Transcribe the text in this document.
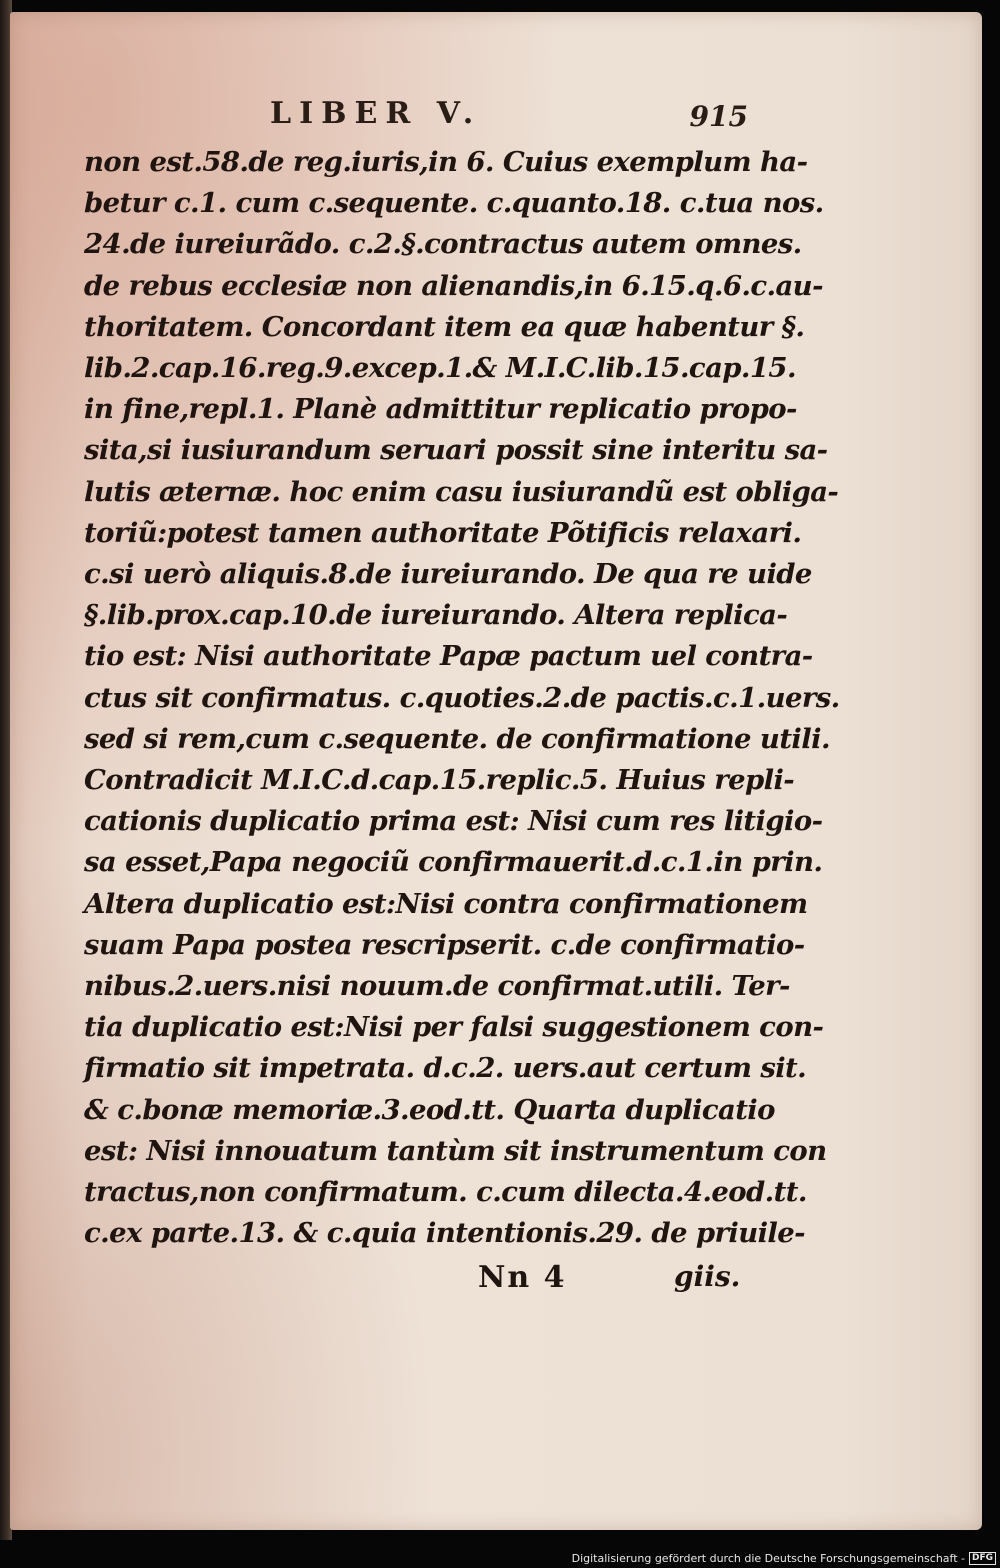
LIBER V.	915
non est.58.de reg.iuris,in 6. Cuius exemplum ha-
betur c.1. cum c.sequente. c.quanto.18. c.tua nos.
24.de iureiurãdo. c.2.§.contractus autem omnes.
de rebus ecclesiæ non alienandis,in 6.15.q.6.c.au-
thoritatem. Concordant item ea quæ habentur §.
lib.2.cap.16.reg.9.excep.1.& M.I.C.lib.15.cap.15.
in fine,repl.1. Planè admittitur replicatio propo-
sita,si iusiurandum seruari possit sine interitu sa-
lutis æternæ. hoc enim casu iusiurandũ est obliga-
toriũ:potest tamen authoritate Põtificis relaxari.
c.si uerò aliquis.8.de iureiurando. De qua re uide
§.lib.prox.cap.10.de iureiurando. Altera replica-
tio est: Nisi authoritate Papæ pactum uel contra-
ctus sit confirmatus. c.quoties.2.de pactis.c.1.uers.
sed si rem,cum c.sequente. de confirmatione utili.
Contradicit M.I.C.d.cap.15.replic.5. Huius repli-
cationis duplicatio prima est: Nisi cum res litigio-
sa esset,Papa negociũ confirmauerit.d.c.1.in prin.
Altera duplicatio est:Nisi contra confirmationem
suam Papa postea rescripserit. c.de confirmatio-
nibus.2.uers.nisi nouum.de confirmat.utili. Ter-
tia duplicatio est:Nisi per falsi suggestionem con-
firmatio sit impetrata. d.c.2. uers.aut certum sit.
& c.bonæ memoriæ.3.eod.tt. Quarta duplicatio
est: Nisi innouatum tantùm sit instrumentum con
tractus,non confirmatum. c.cum dilecta.4.eod.tt.
c.ex parte.13. & c.quia intentionis.29. de priuile-
Nn 4	giis.
Digitalisierung gefördert durch die Deutsche Forschungsgemeinschaft - DFG
